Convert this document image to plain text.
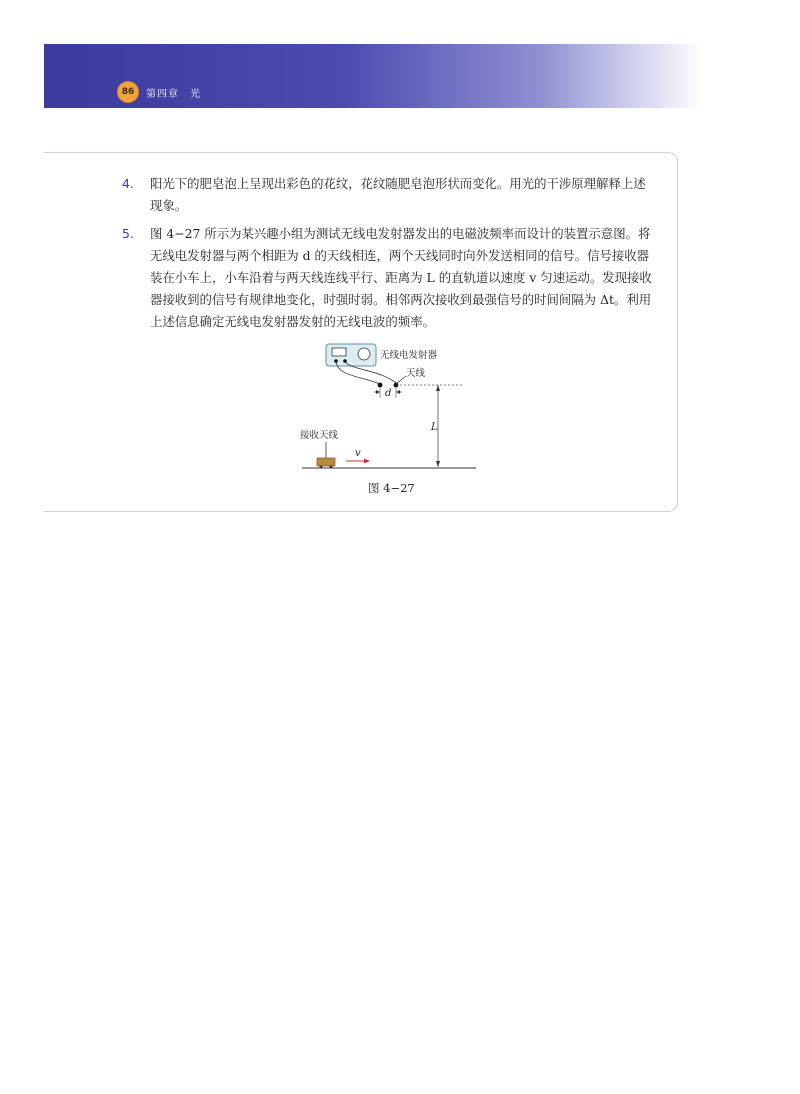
86	第四章　光
4. 阳光下的肥皂泡上呈现出彩色的花纹，花纹随肥皂泡形状而变化。用光的干涉原理解释上述
现象。
5. 图 4−27 所示为某兴趣小组为测试无线电发射器发出的电磁波频率而设计的装置示意图。将
无线电发射器与两个相距为 d 的天线相连，两个天线同时向外发送相同的信号。信号接收器
装在小车上，小车沿着与两天线连线平行、距离为 L 的直轨道以速度 v 匀速运动。发现接收
器接收到的信号有规律地变化，时强时弱。相邻两次接收到最强信号的时间间隔为 Δt。利用
上述信息确定无线电发射器发射的无线电波的频率。
无线电发射器
天线
d
L
接收天线
v
图 4−27
